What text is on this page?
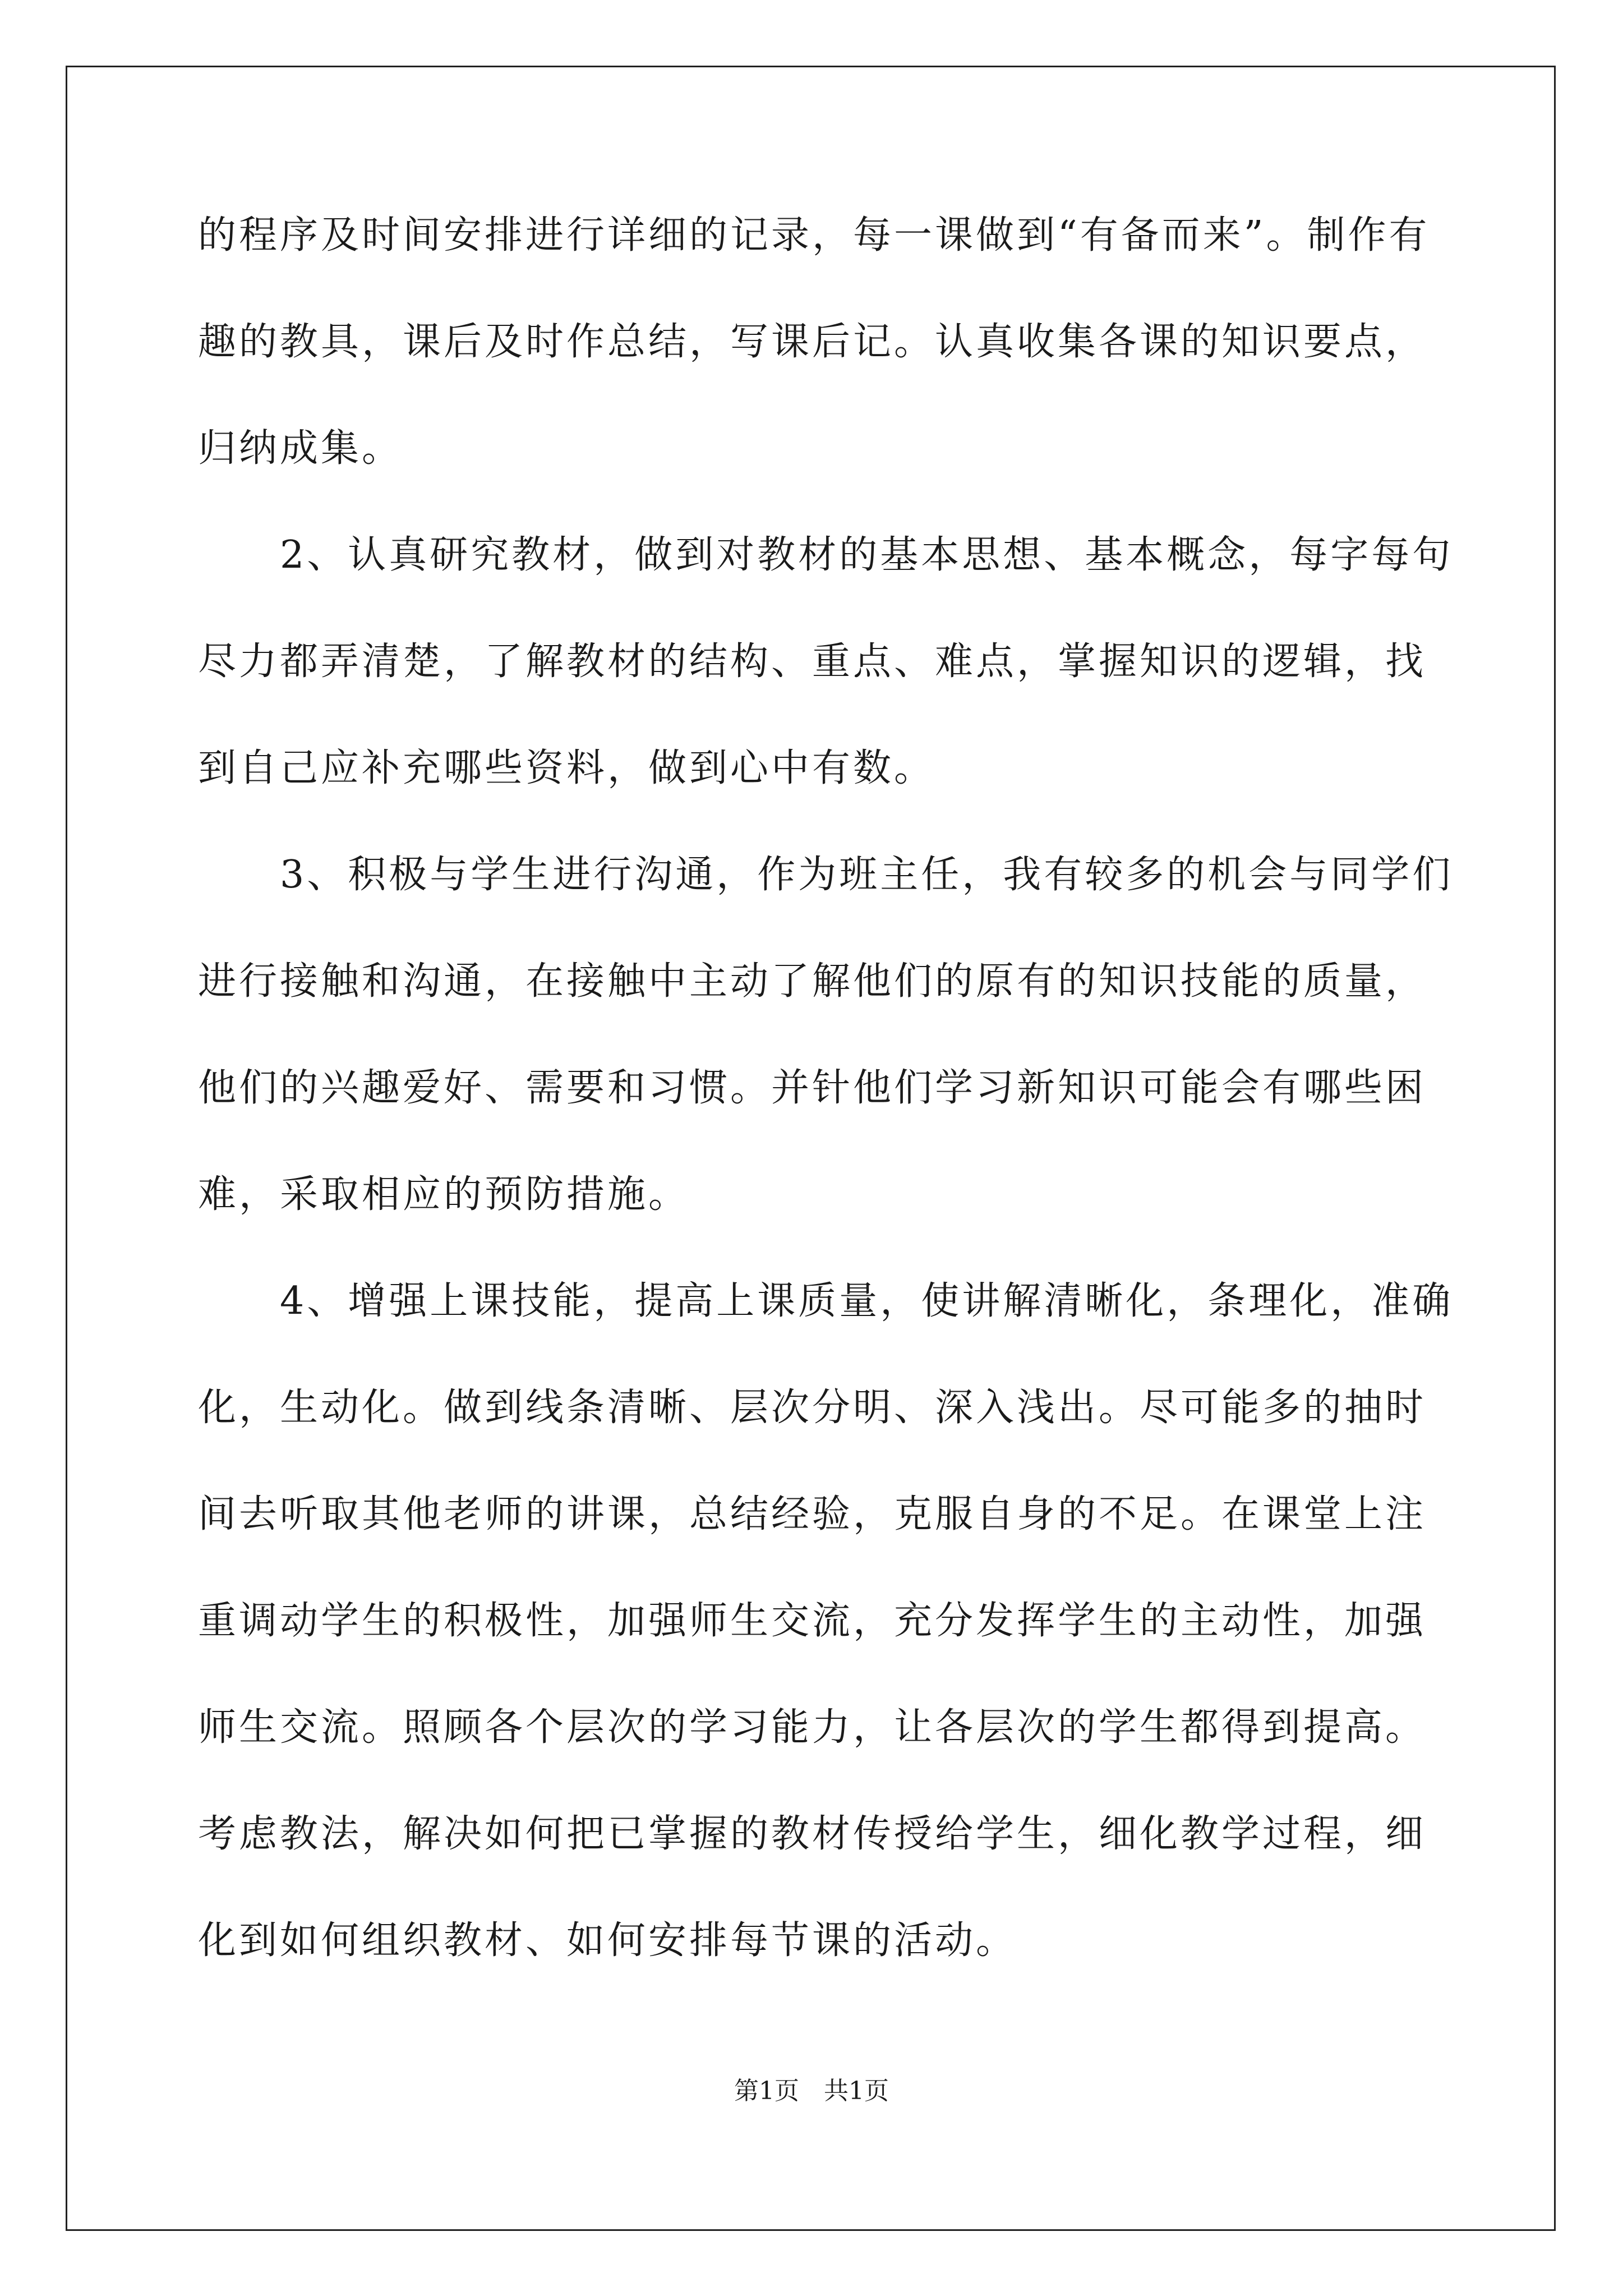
的程序及时间安排进行详细的记录，每一课做到“有备而来”。制作有
趣的教具，课后及时作总结，写课后记。认真收集各课的知识要点，
归纳成集。
　　2、认真研究教材，做到对教材的基本思想、基本概念，每字每句
尽力都弄清楚，了解教材的结构、重点、难点，掌握知识的逻辑，找
到自己应补充哪些资料，做到心中有数。
　　3、积极与学生进行沟通，作为班主任，我有较多的机会与同学们
进行接触和沟通，在接触中主动了解他们的原有的知识技能的质量，
他们的兴趣爱好、需要和习惯。并针他们学习新知识可能会有哪些困
难，采取相应的预防措施。
　　4、增强上课技能，提高上课质量，使讲解清晰化，条理化，准确
化，生动化。做到线条清晰、层次分明、深入浅出。尽可能多的抽时
间去听取其他老师的讲课，总结经验，克服自身的不足。在课堂上注
重调动学生的积极性，加强师生交流，充分发挥学生的主动性，加强
师生交流。照顾各个层次的学习能力，让各层次的学生都得到提高。
考虑教法，解决如何把已掌握的教材传授给学生，细化教学过程，细
化到如何组织教材、如何安排每节课的活动。
第1页　共1页
